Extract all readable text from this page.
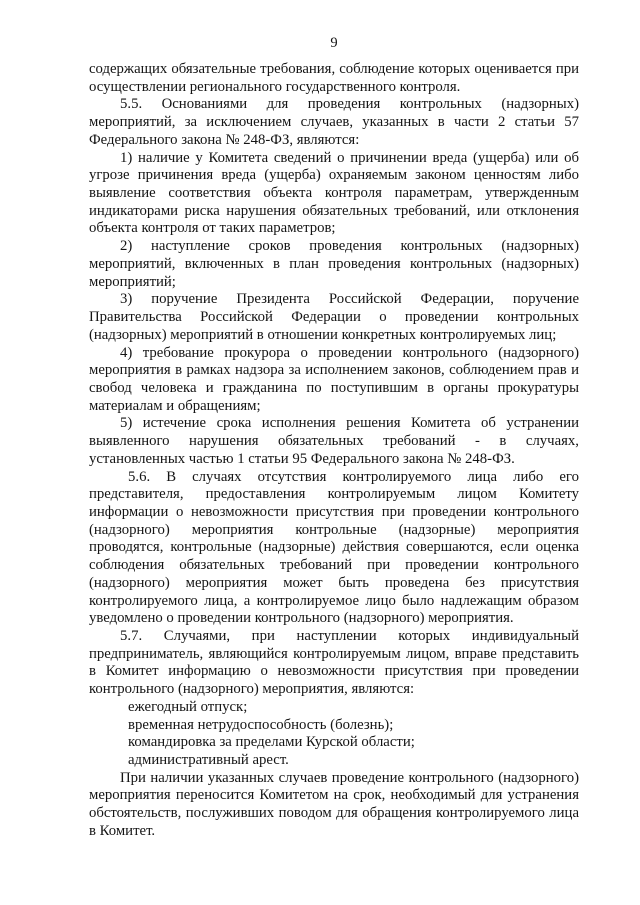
9

содержащих обязательные требования, соблюдение которых оценивается при осуществлении регионального государственного контроля.

5.5. Основаниями для проведения контрольных (надзорных) мероприятий, за исключением случаев, указанных в части 2 статьи 57 Федерального закона № 248-ФЗ, являются:

1) наличие у Комитета сведений о причинении вреда (ущерба) или об угрозе причинения вреда (ущерба) охраняемым законом ценностям либо выявление соответствия объекта контроля параметрам, утвержденным индикаторами риска нарушения обязательных требований, или отклонения объекта контроля от таких параметров;

2) наступление сроков проведения контрольных (надзорных) мероприятий, включенных в план проведения контрольных (надзорных) мероприятий;

3) поручение Президента Российской Федерации, поручение Правительства Российской Федерации о проведении контрольных (надзорных) мероприятий в отношении конкретных контролируемых лиц;

4) требование прокурора о проведении контрольного (надзорного) мероприятия в рамках надзора за исполнением законов, соблюдением прав и свобод человека и гражданина по поступившим в органы прокуратуры материалам и обращениям;

5) истечение срока исполнения решения Комитета об устранении выявленного нарушения обязательных требований - в случаях, установленных частью 1 статьи 95 Федерального закона № 248-ФЗ.

5.6. В случаях отсутствия контролируемого лица либо его представителя, предоставления контролируемым лицом Комитету информации о невозможности присутствия при проведении контрольного (надзорного) мероприятия контрольные (надзорные) мероприятия проводятся, контрольные (надзорные) действия совершаются, если оценка соблюдения обязательных требований при проведении контрольного (надзорного) мероприятия может быть проведена без присутствия контролируемого лица, а контролируемое лицо было надлежащим образом уведомлено о проведении контрольного (надзорного) мероприятия.

5.7. Случаями, при наступлении которых индивидуальный предприниматель, являющийся контролируемым лицом, вправе представить в Комитет информацию о невозможности присутствия при проведении контрольного (надзорного) мероприятия, являются:

ежегодный отпуск;

временная нетрудоспособность (болезнь);

командировка за пределами Курской области;

административный арест.

При наличии указанных случаев проведение контрольного (надзорного) мероприятия переносится Комитетом на срок, необходимый для устранения обстоятельств, послуживших поводом для обращения контролируемого лица в Комитет.
